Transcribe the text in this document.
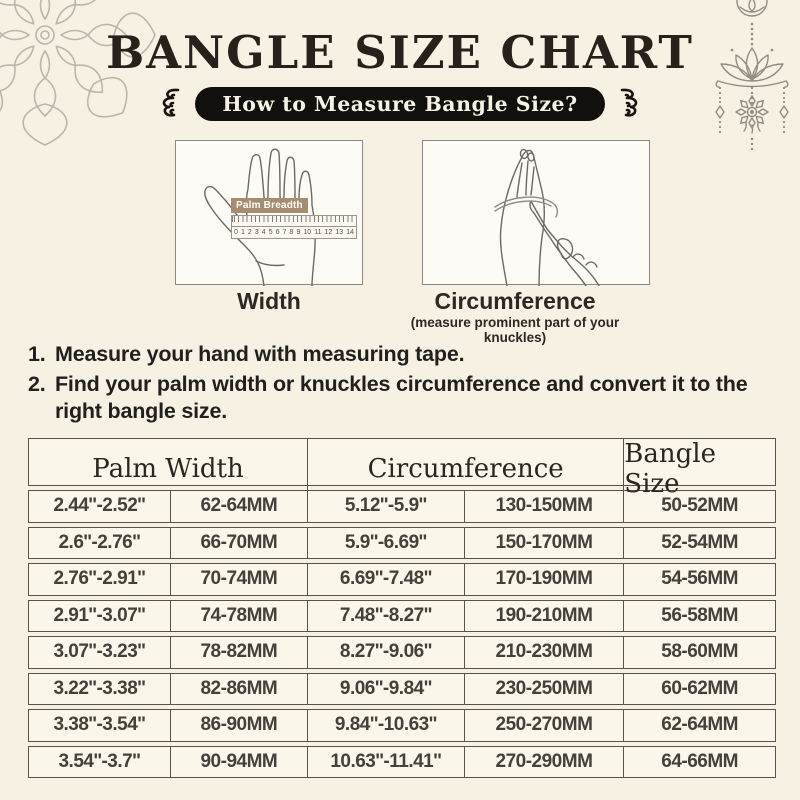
BANGLE SIZE CHART
How to Measure Bangle Size?
Palm Breadth
0 1 2 3 4 5 6 7 8 9 10 11 12 13 14
Width	Circumference
(measure prominent part of your knuckles)
1. Measure your hand with measuring tape.
2. Find your palm width or knuckles circumference and convert it to the right bangle size.
Palm Width	Circumference	Bangle Size
2.44''-2.52''	62-64MM	5.12''-5.9''	130-150MM	50-52MM
2.6''-2.76''	66-70MM	5.9''-6.69''	150-170MM	52-54MM
2.76''-2.91''	70-74MM	6.69''-7.48''	170-190MM	54-56MM
2.91''-3.07''	74-78MM	7.48''-8.27''	190-210MM	56-58MM
3.07''-3.23''	78-82MM	8.27''-9.06''	210-230MM	58-60MM
3.22''-3.38''	82-86MM	9.06''-9.84''	230-250MM	60-62MM
3.38''-3.54''	86-90MM	9.84''-10.63''	250-270MM	62-64MM
3.54''-3.7''	90-94MM	10.63''-11.41''	270-290MM	64-66MM
